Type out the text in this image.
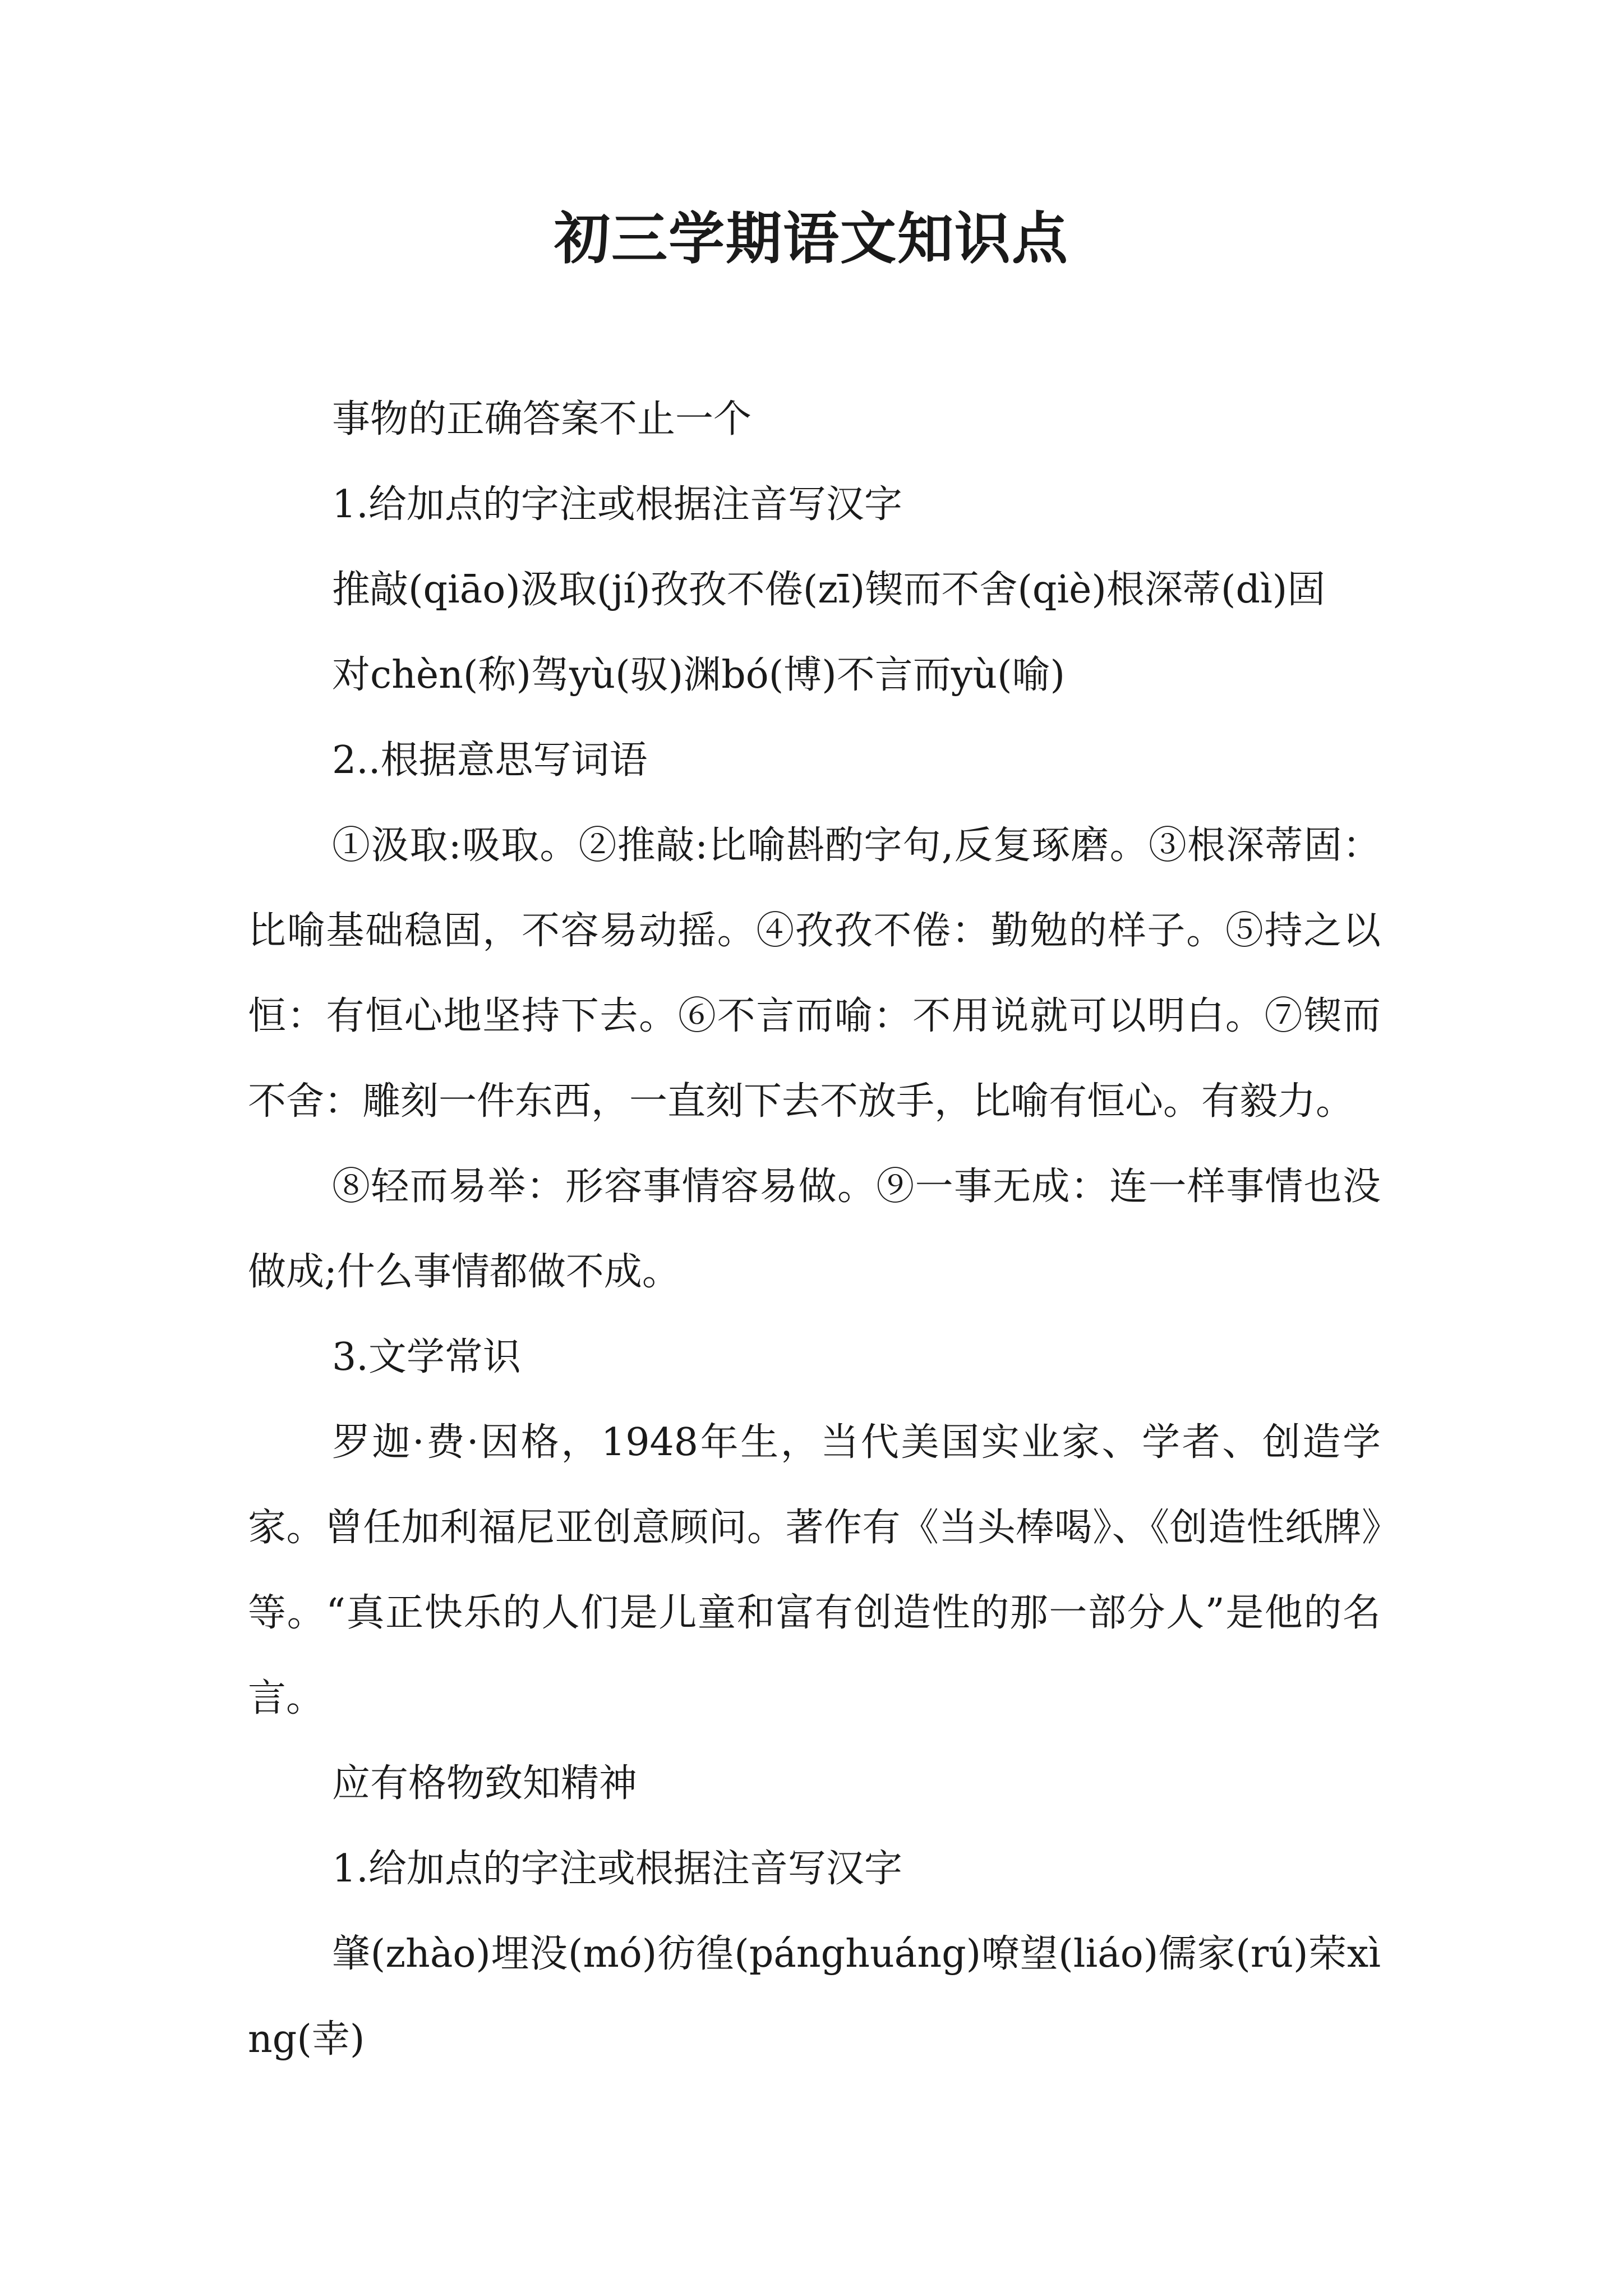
初三学期语文知识点

事物的正确答案不止一个

1.给加点的字注或根据注音写汉字

推敲(qiāo)汲取(jí)孜孜不倦(zī)锲而不舍(qiè)根深蒂(dì)固

对chèn(称)驾yù(驭)渊bó(博)不言而yù(喻)

2..根据意思写词语

①汲取:吸取。②推敲:比喻斟酌字句,反复琢磨。③根深蒂固：比喻基础稳固，不容易动摇。④孜孜不倦：勤勉的样子。⑤持之以恒：有恒心地坚持下去。⑥不言而喻：不用说就可以明白。⑦锲而不舍：雕刻一件东西，一直刻下去不放手，比喻有恒心。有毅力。

⑧轻而易举：形容事情容易做。⑨一事无成：连一样事情也没做成;什么事情都做不成。

3.文学常识

罗迦·费·因格，1948年生，当代美国实业家、学者、创造学家。曾任加利福尼亚创意顾问。著作有《当头棒喝》、《创造性纸牌》等。“真正快乐的人们是儿童和富有创造性的那一部分人”是他的名言。

应有格物致知精神

1.给加点的字注或根据注音写汉字

肇(zhào)埋没(mó)彷徨(pánghuáng)嘹望(liáo)儒家(rú)荣xìng(幸)
